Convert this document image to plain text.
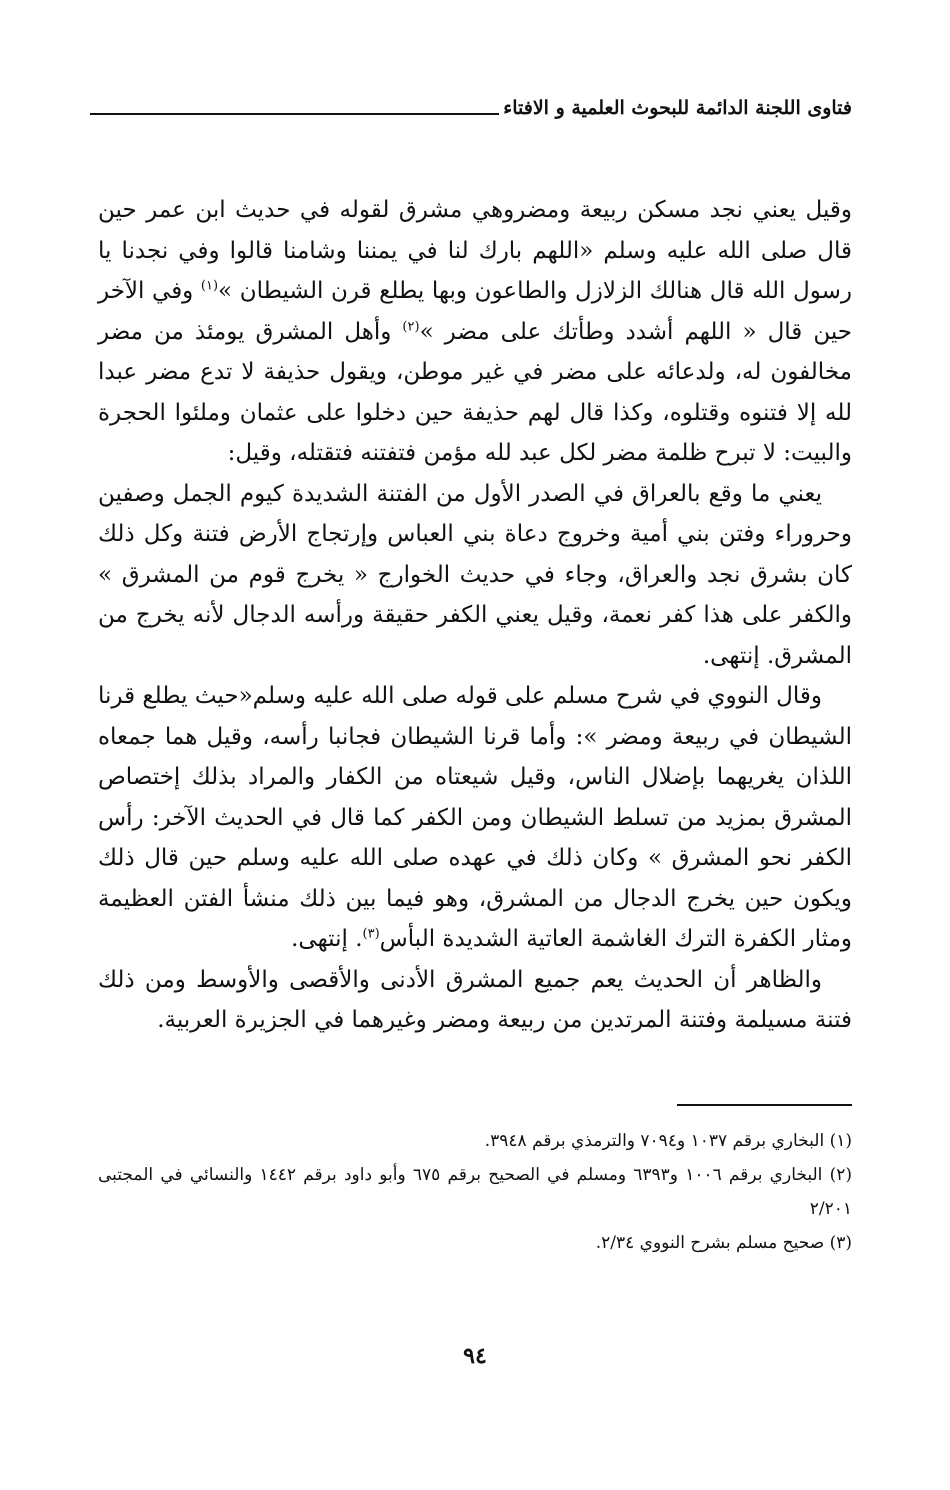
فتاوى اللجنة الدائمة للبحوث العلمية و الافتاء

وقيل يعني نجد مسكن ربيعة ومضروهي مشرق لقوله في حديث ابن عمر حين قال صلى الله عليه وسلم «اللهم بارك لنا في يمننا وشامنا قالوا وفي نجدنا يا رسول الله قال هنالك الزلازل والطاعون وبها يطلع قرن الشيطان »$^{(١)}$ وفي الآخر حين قال « اللهم أشدد وطأتك على مضر »$^{(٢)}$ وأهل المشرق يومئذ من مضر مخالفون له، ولدعائه على مضر في غير موطن، ويقول حذيفة لا تدع مضر عبدا لله إلا فتنوه وقتلوه، وكذا قال لهم حذيفة حين دخلوا على عثمان وملئوا الحجرة والبيت: لا تبرح ظلمة مضر لكل عبد لله مؤمن فتفتنه فتقتله، وقيل:

يعني ما وقع بالعراق في الصدر الأول من الفتنة الشديدة كيوم الجمل وصفين وحروراء وفتن بني أمية وخروج دعاة بني العباس وإرتجاج الأرض فتنة وكل ذلك كان بشرق نجد والعراق، وجاء في حديث الخوارج « يخرج قوم من المشرق » والكفر على هذا كفر نعمة، وقيل يعني الكفر حقيقة ورأسه الدجال لأنه يخرج من المشرق. إنتهى.

وقال النووي في شرح مسلم على قوله صلى الله عليه وسلم«حيث يطلع قرنا الشيطان في ربيعة ومضر »: وأما قرنا الشيطان فجانبا رأسه، وقيل هما جمعاه اللذان يغريهما بإضلال الناس، وقيل شيعتاه من الكفار والمراد بذلك إختصاص المشرق بمزيد من تسلط الشيطان ومن الكفر كما قال في الحديث الآخر: رأس الكفر نحو المشرق » وكان ذلك في عهده صلى الله عليه وسلم حين قال ذلك ويكون حين يخرج الدجال من المشرق، وهو فيما بين ذلك منشأ الفتن العظيمة ومثار الكفرة الترك الغاشمة العاتية الشديدة البأس$^{(٣)}$. إنتهى.

والظاهر أن الحديث يعم جميع المشرق الأدنى والأقصى والأوسط ومن ذلك فتنة مسيلمة وفتنة المرتدين من ربيعة ومضر وغيرهما في الجزيرة العربية.

(١) البخاري برقم ١٠٣٧ و٧٠٩٤ والترمذي برقم ٣٩٤٨.

(٢) البخاري برقم ١٠٠٦ و٦٣٩٣ ومسلم في الصحيح برقم ٦٧٥ وأبو داود برقم ١٤٤٢ والنسائي في المجتبى ٢/٢٠١

(٣) صحيح مسلم بشرح النووي ٢/٣٤.

٩٤
